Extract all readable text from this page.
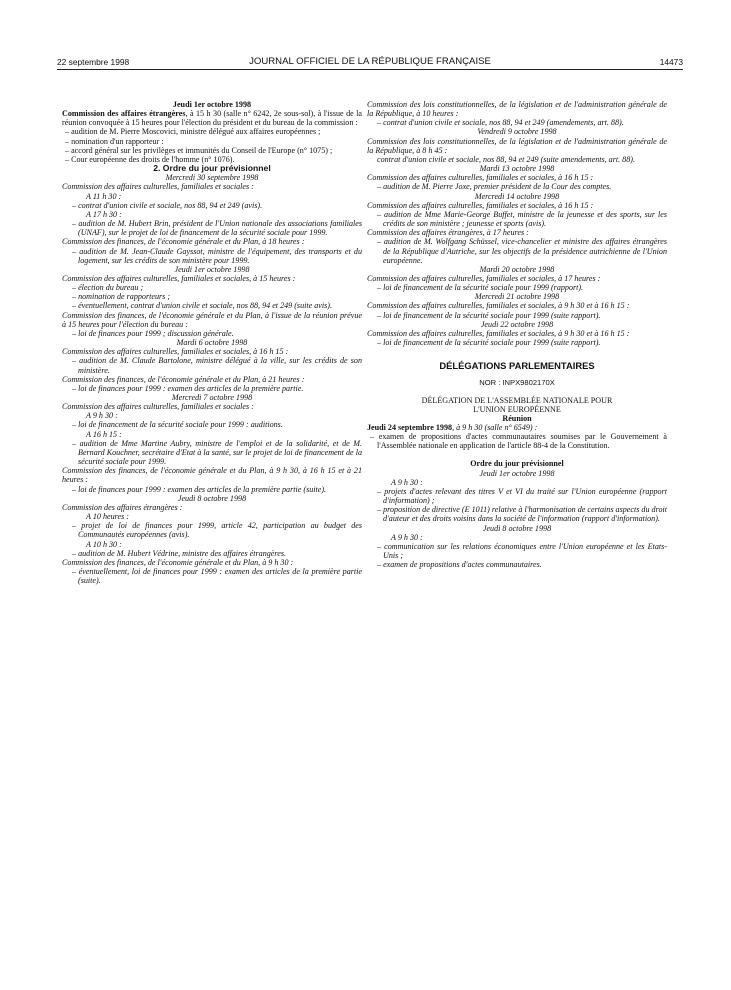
22 septembre 1998	JOURNAL OFFICIEL DE LA RÉPUBLIQUE FRANÇAISE	14473

Jeudi 1er octobre 1998

Commission des affaires étrangères, à 15 h 30 (salle n° 6242, 2e sous-sol), à l'issue de la réunion convoquée à 15 heures pour l'élection du président et du bureau de la commission :

– audition de M. Pierre Moscovici, ministre délégué aux affaires européennes ;

– nomination d'un rapporteur :

– accord général sur les privilèges et immunités du Conseil de l'Europe (n° 1075) ;

– Cour européenne des droits de l'homme (n° 1076).

2. Ordre du jour prévisionnel

Mercredi 30 septembre 1998

Commission des affaires culturelles, familiales et sociales :

A 11 h 30 :

– contrat d'union civile et sociale, nos 88, 94 et 249 (avis).

A 17 h 30 :

– audition de M. Hubert Brin, président de l'Union nationale des associations familiales (UNAF), sur le projet de loi de financement de la sécurité sociale pour 1999.

Commission des finances, de l'économie générale et du Plan, à 18 heures :

– audition de M. Jean-Claude Gayssot, ministre de l'équipement, des transports et du logement, sur les crédits de son ministère pour 1999.

Jeudi 1er octobre 1998

Commission des affaires culturelles, familiales et sociales, à 15 heures :

– élection du bureau ;

– nomination de rapporteurs ;

– éventuellement, contrat d'union civile et sociale, nos 88, 94 et 249 (suite avis).

Commission des finances, de l'économie générale et du Plan, à l'issue de la réunion prévue à 15 heures pour l'élection du bureau :

– loi de finances pour 1999 ; discussion générale.

Mardi 6 octobre 1998

Commission des affaires culturelles, familiales et sociales, à 16 h 15 :

– audition de M. Claude Bartolone, ministre délégué à la ville, sur les crédits de son ministère.

Commission des finances, de l'économie générale et du Plan, à 21 heures :

– loi de finances pour 1999 : examen des articles de la première partie.

Mercredi 7 octobre 1998

Commission des affaires culturelles, familiales et sociales :

A 9 h 30 :

– loi de financement de la sécurité sociale pour 1999 : auditions.

A 16 h 15 :

– audition de Mme Martine Aubry, ministre de l'emploi et de la solidarité, et de M. Bernard Kouchner, secrétaire d'Etat à la santé, sur le projet de loi de financement de la sécurité sociale pour 1999.

Commission des finances, de l'économie générale et du Plan, à 9 h 30, à 16 h 15 et à 21 heures :

– loi de finances pour 1999 : examen des articles de la première partie (suite).

Jeudi 8 octobre 1998

Commission des affaires étrangères :

A 10 heures :

– projet de loi de finances pour 1999, article 42, participation au budget des Communautés européennes (avis).

A 10 h 30 :

– audition de M. Hubert Védrine, ministre des affaires étrangères.

Commission des finances, de l'économie générale et du Plan, à 9 h 30 :

– éventuellement, loi de finances pour 1999 : examen des articles de la première partie (suite).

Commission des lois constitutionnelles, de la législation et de l'administration générale de la République, à 10 heures :

– contrat d'union civile et sociale, nos 88, 94 et 249 (amendements, art. 88).

Vendredi 9 octobre 1998

Commission des lois constitutionnelles, de la législation et de l'administration générale de la République, à 8 h 45 :

contrat d'union civile et sociale, nos 88, 94 et 249 (suite amendements, art. 88).

Mardi 13 octobre 1998

Commission des affaires culturelles, familiales et sociales, à 16 h 15 :

– audition de M. Pierre Joxe, premier président de la Cour des comptes.

Mercredi 14 octobre 1998

Commission des affaires culturelles, familiales et sociales, à 16 h 15 :

– audition de Mme Marie-George Buffet, ministre de la jeunesse et des sports, sur les crédits de son ministère ; jeunesse et sports (avis).

Commission des affaires étrangères, à 17 heures :

– audition de M. Wolfgang Schüssel, vice-chancelier et ministre des affaires étrangères de la République d'Autriche, sur les objectifs de la présidence autrichienne de l'Union européenne.

Mardi 20 octobre 1998

Commission des affaires culturelles, familiales et sociales, à 17 heures :

– loi de financement de la sécurité sociale pour 1999 (rapport).

Mercredi 21 octobre 1998

Commission des affaires culturelles, familiales et sociales, à 9 h 30 et à 16 h 15 :

– loi de financement de la sécurité sociale pour 1999 (suite rapport).

Jeudi 22 octobre 1998

Commission des affaires culturelles, familiales et sociales, à 9 h 30 et à 16 h 15 :

– loi de financement de la sécurité sociale pour 1999 (suite rapport).

DÉLÉGATIONS PARLEMENTAIRES

NOR : INPX9802170X

DÉLÉGATION DE L'ASSEMBLÉE NATIONALE POUR L'UNION EUROPÉENNE

Réunion

Jeudi 24 septembre 1998, à 9 h 30 (salle n° 6549) :

– examen de propositions d'actes communautaires soumises par le Gouvernement à l'Assemblée nationale en application de l'article 88-4 de la Constitution.

Ordre du jour prévisionnel

Jeudi 1er octobre 1998

A 9 h 30 :

– projets d'actes relevant des titres V et VI du traité sur l'Union européenne (rapport d'information) ;

– proposition de directive (E 1011) relative à l'harmonisation de certains aspects du droit d'auteur et des droits voisins dans la société de l'information (rapport d'information).

Jeudi 8 octobre 1998

A 9 h 30 :

– communication sur les relations économiques entre l'Union européenne et les Etats-Unis ;

– examen de propositions d'actes communautaires.
